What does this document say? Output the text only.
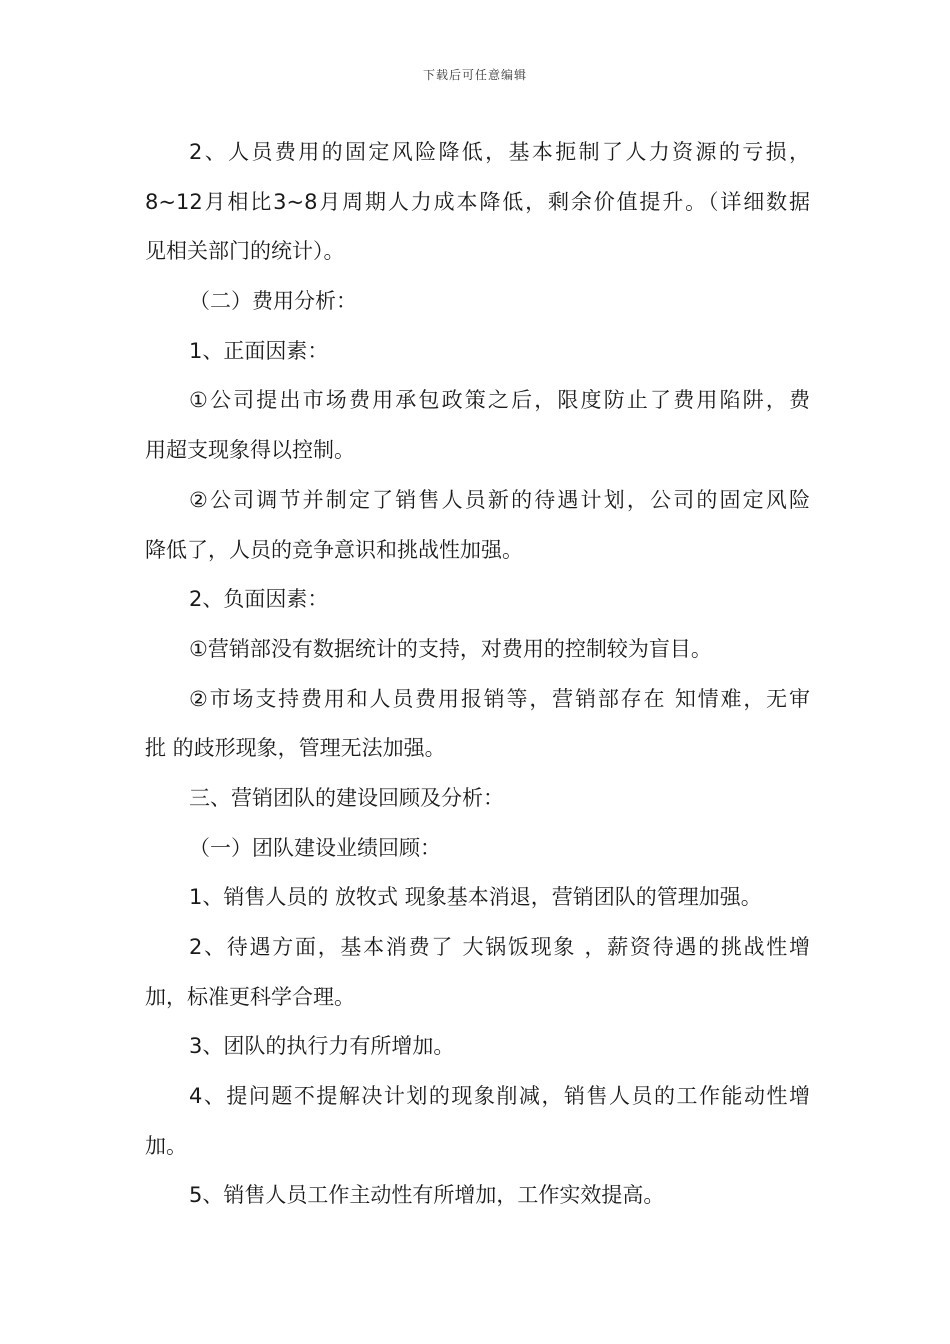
下载后可任意编辑
2、人员费用的固定风险降低，基本扼制了人力资源的亏损，
8~12月相比3~8月周期人力成本降低，剩余价值提升。（详细数据
见相关部门的统计）。
（二）费用分析：
1、正面因素：
①公司提出市场费用承包政策之后，限度防止了费用陷阱，费
用超支现象得以控制。
②公司调节并制定了销售人员新的待遇计划，公司的固定风险
降低了，人员的竞争意识和挑战性加强。
2、负面因素：
①营销部没有数据统计的支持，对费用的控制较为盲目。
②市场支持费用和人员费用报销等，营销部存在 知情难，无审
批 的歧形现象，管理无法加强。
三、营销团队的建设回顾及分析：
（一）团队建设业绩回顾：
1、销售人员的 放牧式 现象基本消退，营销团队的管理加强。
2、待遇方面，基本消费了 大锅饭现象 ，薪资待遇的挑战性增
加，标准更科学合理。
3、团队的执行力有所增加。
4、提问题不提解决计划的现象削减，销售人员的工作能动性增
加。
5、销售人员工作主动性有所增加，工作实效提高。
